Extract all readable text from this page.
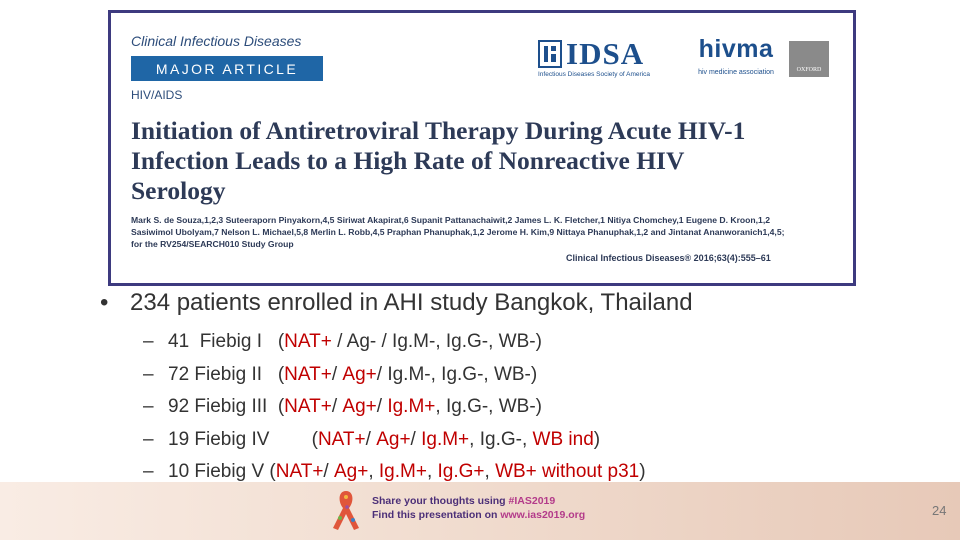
Clinical Infectious Diseases
MAJOR ARTICLE
HIV/AIDS
IDSA
Infectious Diseases Society of America
hivma
hiv medicine association	OXFORD
Initiation of Antiretroviral Therapy During Acute HIV-1
Infection Leads to a High Rate of Nonreactive HIV
Serology
Mark S. de Souza,1,2,3 Suteeraporn Pinyakorn,4,5 Siriwat Akapirat,6 Supanit Pattanachaiwit,2 James L. K. Fletcher,1 Nitiya Chomchey,1 Eugene D. Kroon,1,2
Sasiwimol Ubolyam,7 Nelson L. Michael,5,8 Merlin L. Robb,4,5 Praphan Phanuphak,1,2 Jerome H. Kim,9 Nittaya Phanuphak,1,2 and Jintanat Ananworanich1,4,5;
for the RV254/SEARCH010 Study Group
Clinical Infectious Diseases® 2016;63(4):555–61
• 234 patients enrolled in AHI study Bangkok, Thailand
– 41  Fiebig I   ( NAT+ / Ag- / Ig.M-, Ig.G-, WB-)
– 72 Fiebig II   ( NAT+ / Ag+ / Ig.M-, Ig.G-, WB-)
– 92 Fiebig III  ( NAT+ / Ag+ / Ig.M+ , Ig.G-, WB-)
– 19 Fiebig IV        ( NAT+ / Ag+ / Ig.M+ , Ig.G-, WB ind )
– 10 Fiebig V ( NAT+ / Ag+ , Ig.M+ , Ig.G+ , WB+ without p31 )
Share your thoughts using #IAS2019
Find this presentation on www.ias2019.org	24
